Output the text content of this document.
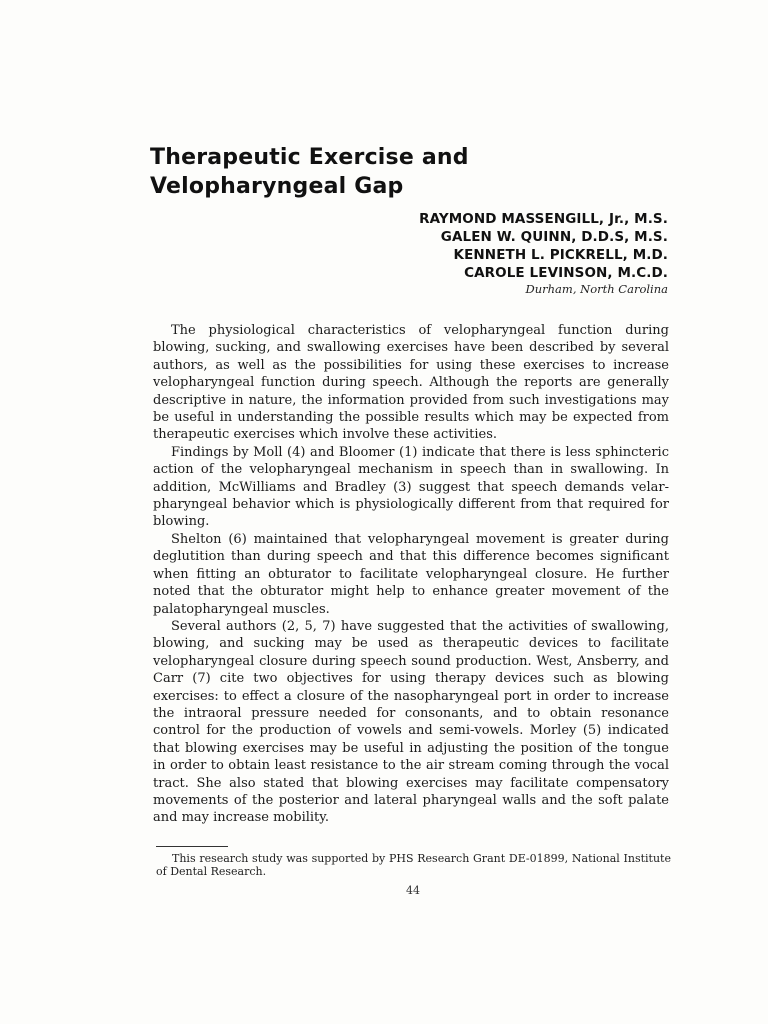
Therapeutic Exercise and Velopharyngeal Gap
RAYMOND MASSENGILL, Jr., M.S.
GALEN W. QUINN, D.D.S, M.S.
KENNETH L. PICKRELL, M.D.
CAROLE LEVINSON, M.C.D.
Durham, North Carolina

The physiological characteristics of velopharyngeal function during blowing, sucking, and swallowing exercises have been described by several authors, as well as the possibilities for using these exercises to increase velopharyngeal function during speech. Although the reports are generally descriptive in nature, the information provided from such investigations may be useful in understanding the possible results which may be expected from therapeutic exercises which involve these activities.

Findings by Moll (4) and Bloomer (1) indicate that there is less sphincteric action of the velopharyngeal mechanism in speech than in swallowing. In addition, McWilliams and Bradley (3) suggest that speech demands velar-pharyngeal behavior which is physiologically different from that required for blowing.

Shelton (6) maintained that velopharyngeal movement is greater during deglutition than during speech and that this difference becomes significant when fitting an obturator to facilitate velopharyngeal closure. He further noted that the obturator might help to enhance greater movement of the palatopharyngeal muscles.

Several authors (2, 5, 7) have suggested that the activities of swallowing, blowing, and sucking may be used as therapeutic devices to facilitate velopharyngeal closure during speech sound production. West, Ansberry, and Carr (7) cite two objectives for using therapy devices such as blowing exercises: to effect a closure of the nasopharyngeal port in order to increase the intraoral pressure needed for consonants, and to obtain resonance control for the production of vowels and semi-vowels. Morley (5) indicated that blowing exercises may be useful in adjusting the position of the tongue in order to obtain least resistance to the air stream coming through the vocal tract. She also stated that blowing exercises may facilitate compensatory movements of the posterior and lateral pharyngeal walls and the soft palate and may increase mobility.

This research study was supported by PHS Research Grant DE-01899, National Institute of Dental Research.

44
